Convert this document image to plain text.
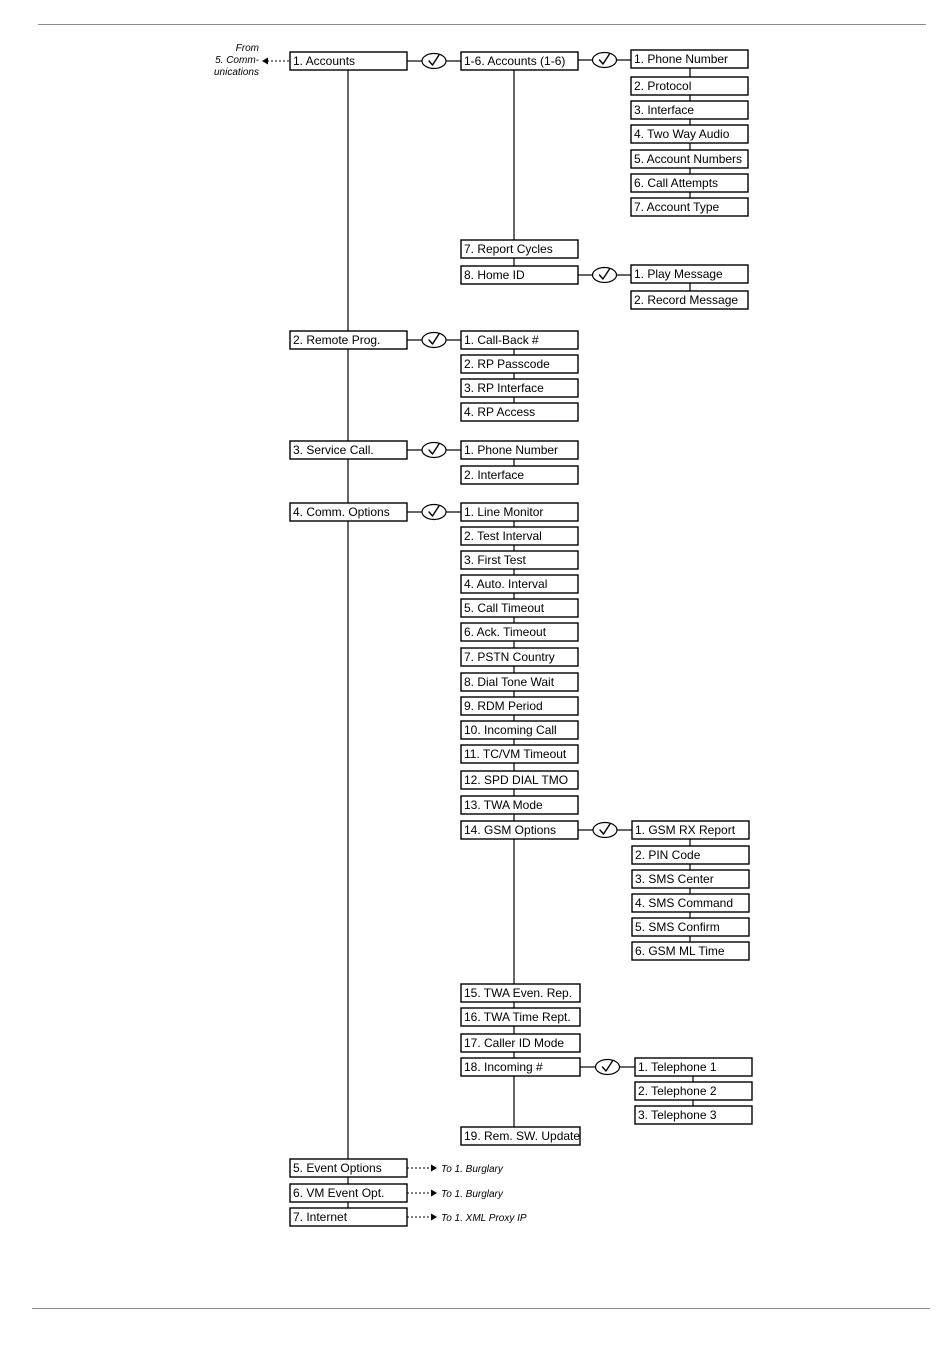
1. Accounts
2. Remote Prog.
3. Service Call.
4. Comm. Options
5. Event Options
6. VM Event Opt.
7. Internet
1-6. Accounts (1-6)
7. Report Cycles
8. Home ID
1. Phone Number
2. Protocol
3. Interface
4. Two Way Audio
5. Account Numbers
6. Call Attempts
7. Account Type
1. Play Message
2. Record Message
1. Call-Back #
2. RP Passcode
3. RP Interface
4. RP Access
1. Phone Number
2. Interface
1. Line Monitor
2. Test Interval
3. First Test
4. Auto. Interval
5. Call Timeout
6. Ack. Timeout
7. PSTN Country
8. Dial Tone Wait
9. RDM Period
10. Incoming Call
11. TC/VM Timeout
12. SPD DIAL TMO
13. TWA Mode
14. GSM Options
15. TWA Even. Rep.
16. TWA Time Rept.
17. Caller ID Mode
18. Incoming #
19. Rem. SW. Update
1. GSM RX Report
2. PIN Code
3. SMS Center
4. SMS Command
5. SMS Confirm
6. GSM ML Time
1. Telephone 1
2. Telephone 2
3. Telephone 3
From
5. Comm-
unications
To 1. Burglary
To 1. Burglary
To 1. XML Proxy IP
